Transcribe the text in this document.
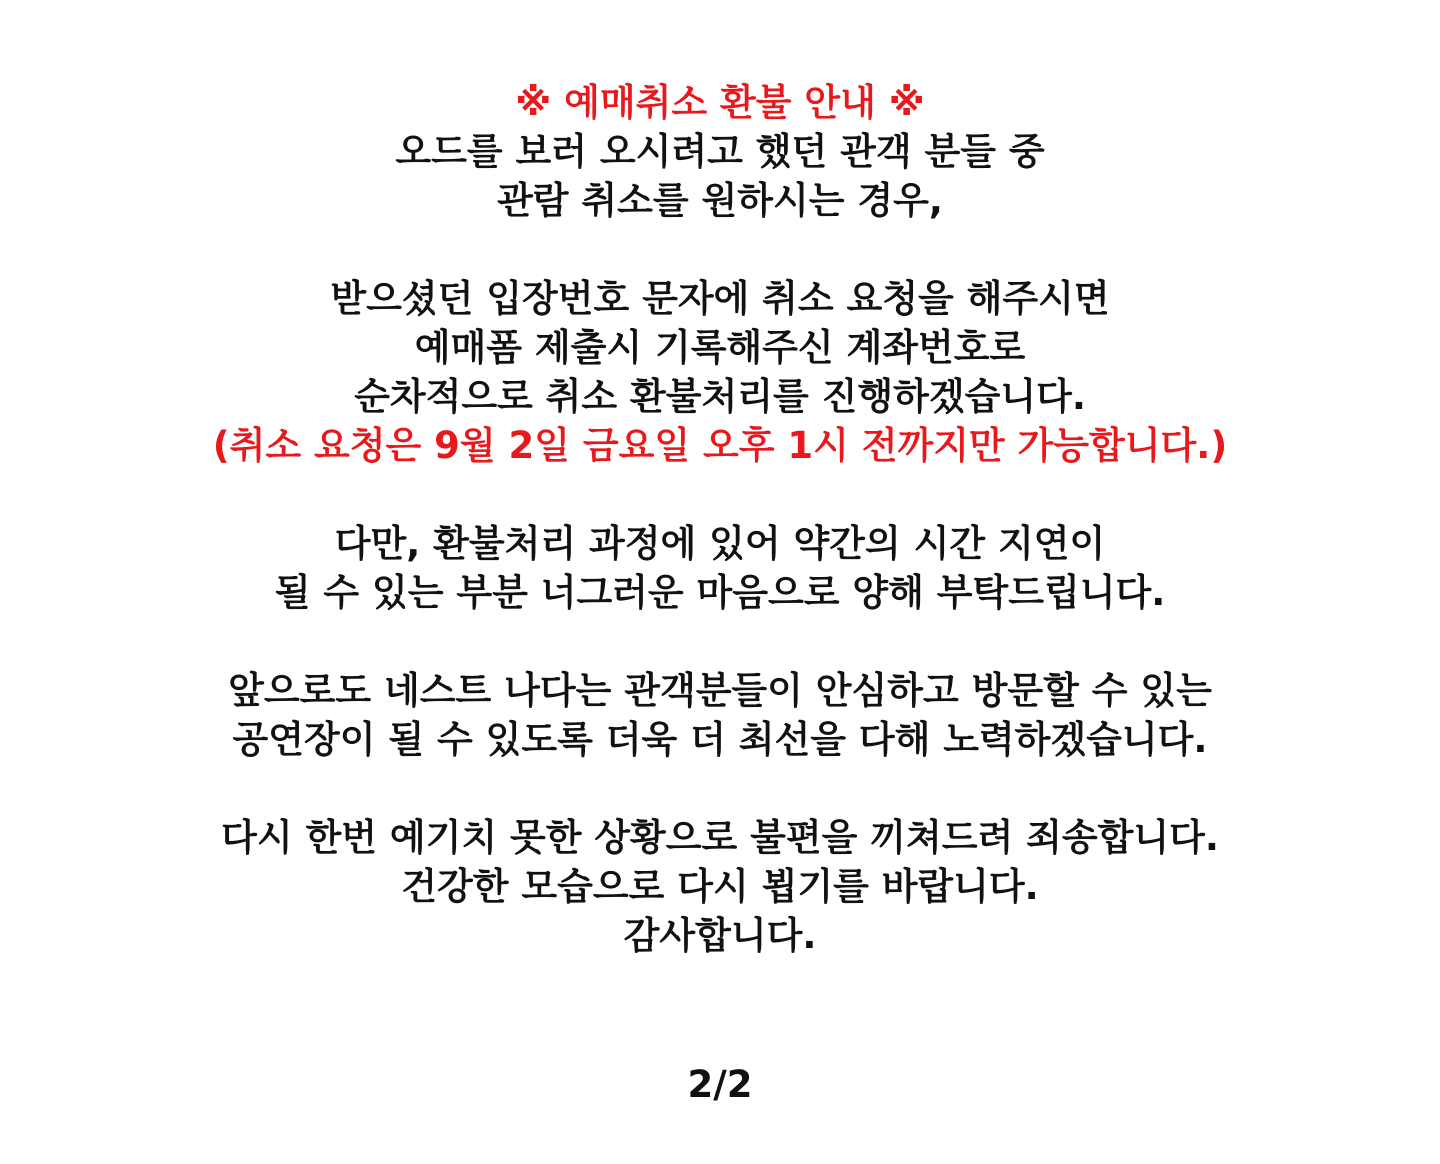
※ 예매취소 환불 안내 ※
오드를 보러 오시려고 했던 관객 분들 중
관람 취소를 원하시는 경우,
받으셨던 입장번호 문자에 취소 요청을 해주시면
예매폼 제출시 기록해주신 계좌번호로
순차적으로 취소 환불처리를 진행하겠습니다.
(취소 요청은 9월 2일 금요일 오후 1시 전까지만 가능합니다.)
다만, 환불처리 과정에 있어 약간의 시간 지연이
될 수 있는 부분 너그러운 마음으로 양해 부탁드립니다.
앞으로도 네스트 나다는 관객분들이 안심하고 방문할 수 있는
공연장이 될 수 있도록 더욱 더 최선을 다해 노력하겠습니다.
다시 한번 예기치 못한 상황으로 불편을 끼쳐드려 죄송합니다.
건강한 모습으로 다시 뵙기를 바랍니다.
감사합니다.
2/2
